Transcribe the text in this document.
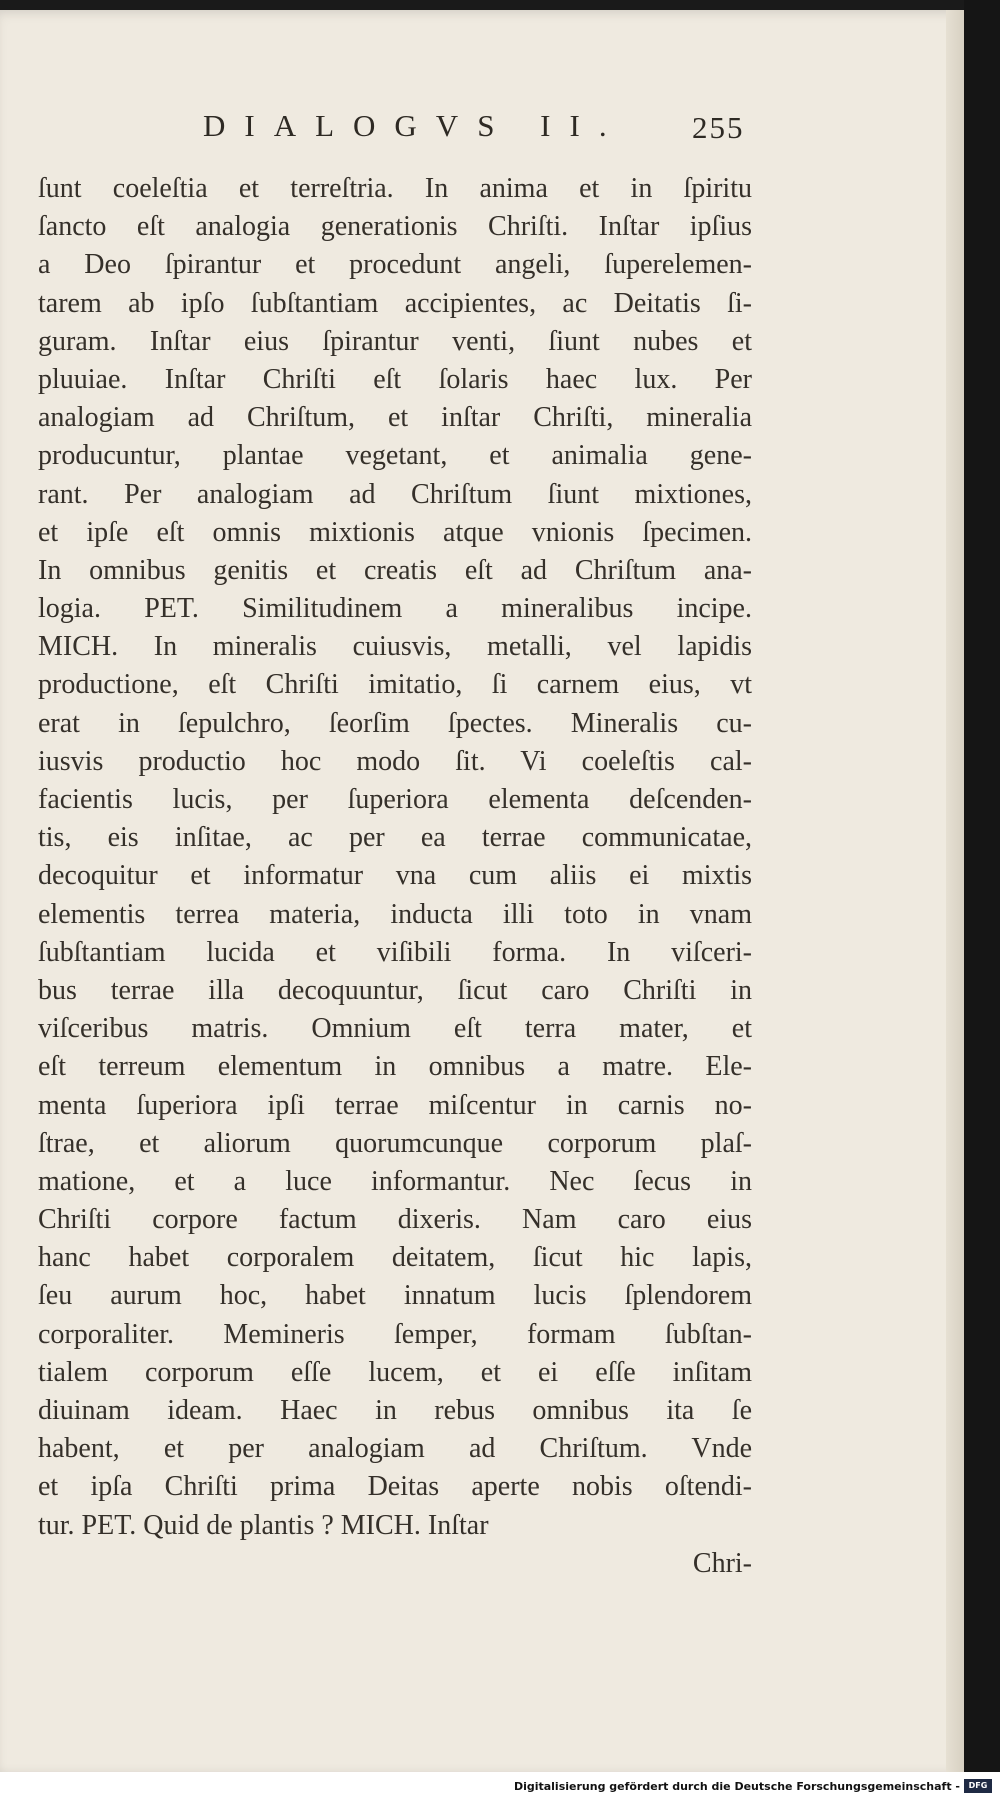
DIALOGVS II. 255
ſunt coeleſtia et terreſtria. In anima et in ſpiritu
ſancto eſt analogia generationis Chriſti. Inſtar ipſius
a Deo ſpirantur et procedunt angeli, ſuperelemen-
tarem ab ipſo ſubſtantiam accipientes, ac Deitatis ſi-
guram. Inſtar eius ſpirantur venti, ſiunt nubes et
pluuiae. Inſtar Chriſti eſt ſolaris haec lux. Per
analogiam ad Chriſtum, et inſtar Chriſti, mineralia
producuntur, plantae vegetant, et animalia gene-
rant. Per analogiam ad Chriſtum ſiunt mixtiones,
et ipſe eſt omnis mixtionis atque vnionis ſpecimen.
In omnibus genitis et creatis eſt ad Chriſtum ana-
logia. PET. Similitudinem a mineralibus incipe.
MICH. In mineralis cuiusvis, metalli, vel lapidis
productione, eſt Chriſti imitatio, ſi carnem eius, vt
erat in ſepulchro, ſeorſim ſpectes. Mineralis cu-
iusvis productio hoc modo ſit. Vi coeleſtis cal-
facientis lucis, per ſuperiora elementa deſcenden-
tis, eis inſitae, ac per ea terrae communicatae,
decoquitur et informatur vna cum aliis ei mixtis
elementis terrea materia, inducta illi toto in vnam
ſubſtantiam lucida et viſibili forma. In viſceri-
bus terrae illa decoquuntur, ſicut caro Chriſti in
viſceribus matris. Omnium eſt terra mater, et
eſt terreum elementum in omnibus a matre. Ele-
menta ſuperiora ipſi terrae miſcentur in carnis no-
ſtrae, et aliorum quorumcunque corporum plaſ-
matione, et a luce informantur. Nec ſecus in
Chriſti corpore factum dixeris. Nam caro eius
hanc habet corporalem deitatem, ſicut hic lapis,
ſeu aurum hoc, habet innatum lucis ſplendorem
corporaliter. Memineris ſemper, formam ſubſtan-
tialem corporum eſſe lucem, et ei eſſe inſitam
diuinam ideam. Haec in rebus omnibus ita ſe
habent, et per analogiam ad Chriſtum. Vnde
et ipſa Chriſti prima Deitas aperte nobis oſtendi-
tur. PET. Quid de plantis ? MICH. Inſtar
Chri-
Digitalisierung gefördert durch die Deutsche Forschungsgemeinschaft -	DFG
